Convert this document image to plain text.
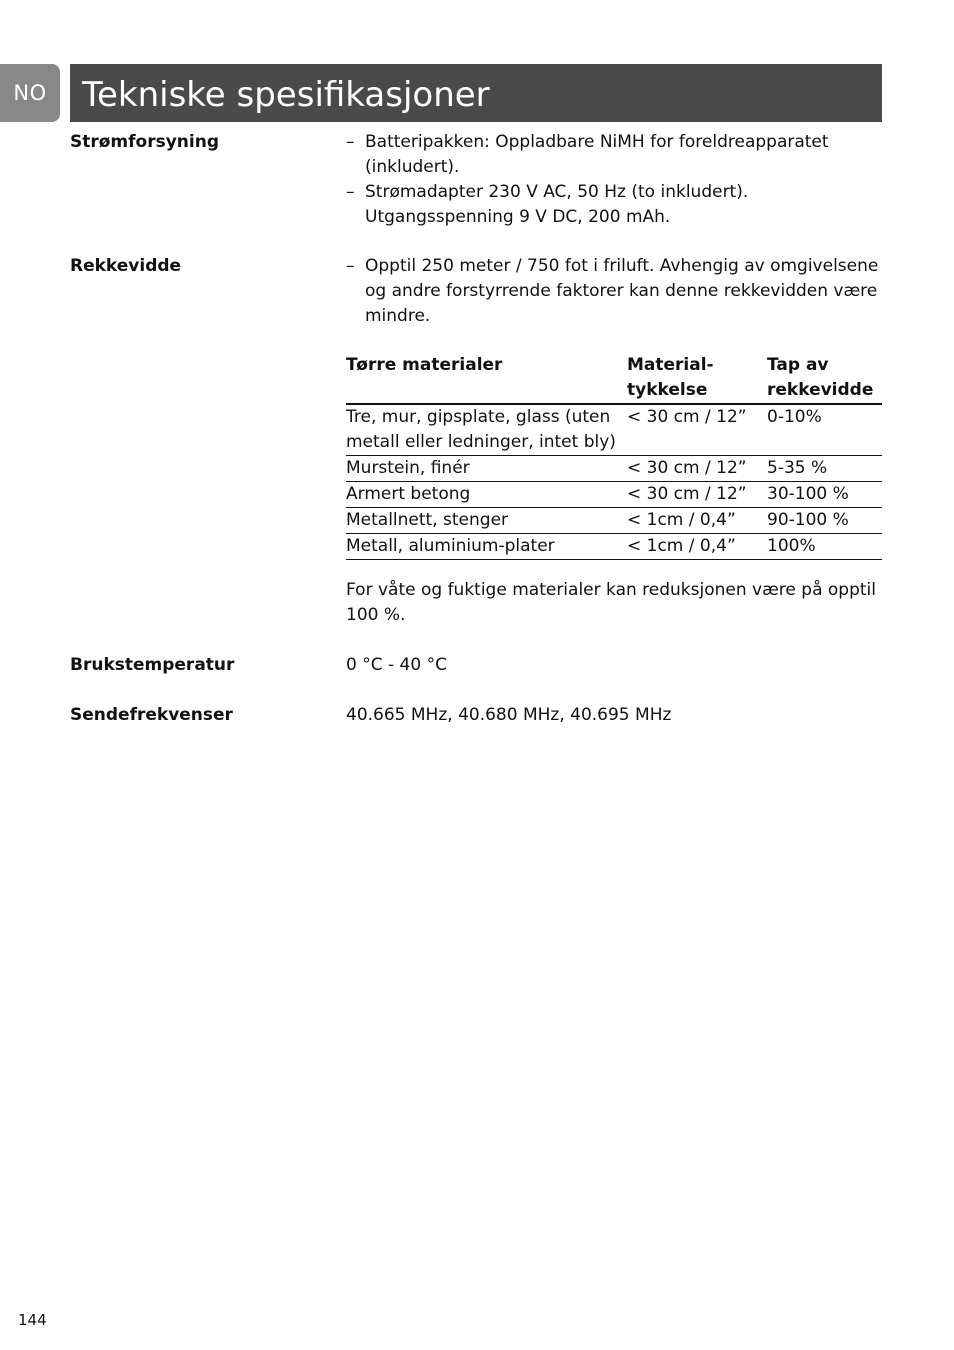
NO	Tekniske spesifikasjoner
Strømforsyning	– Batteripakken: Oppladbare NiMH for foreldreapparatet (inkludert).
– Strømadapter 230 V AC, 50 Hz (to inkludert). Utgangsspenning 9 V DC, 200 mAh.
Rekkevidde	– Opptil 250 meter / 750 fot i friluft. Avhengig av omgivelsene og andre forstyrrende faktorer kan denne rekkevidden være mindre.
Tørre materialer	Material- tykkelse	Tap av rekkevidde
Tre, mur, gipsplate, glass (uten metall eller ledninger, intet bly)	< 30 cm / 12”	0-10%
Murstein, finér	< 30 cm / 12”	5-35 %
Armert betong	< 30 cm / 12”	30-100 %
Metallnett, stenger	< 1cm / 0,4”	90-100 %
Metall, aluminium-plater	< 1cm / 0,4”	100%
For våte og fuktige materialer kan reduksjonen være på opptil 100 %.
Brukstemperatur	0 °C - 40 °C
Sendefrekvenser	40.665 MHz, 40.680 MHz, 40.695 MHz
144
